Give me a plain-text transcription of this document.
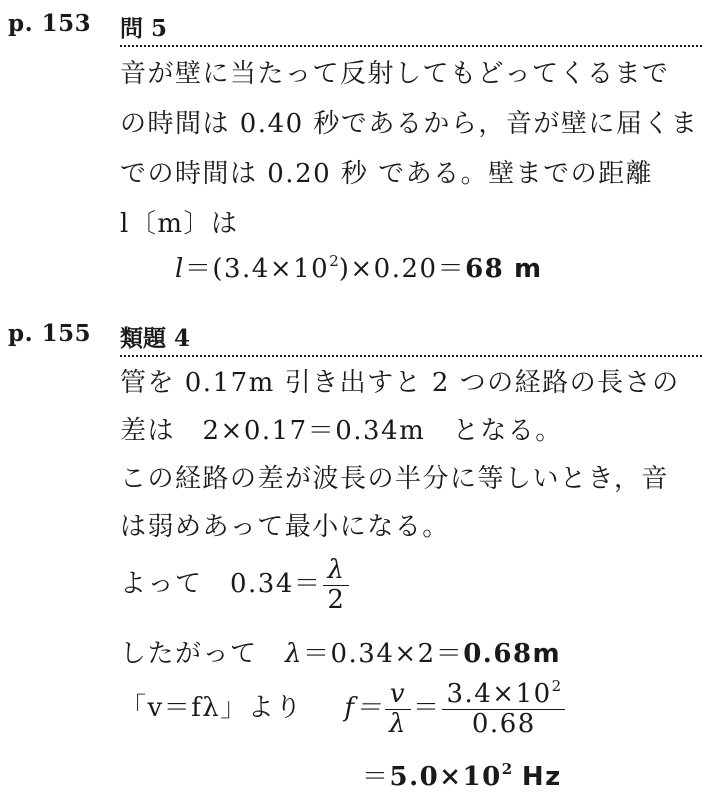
p. 153 問 5
音が壁に当たって反射してもどってくるまで
の時間は 0.40 秒であるから，音が壁に届くま
での時間は 0.20 秒 である。壁までの距離
l〔m〕は
$l=(3.4\times 10^2)\times 0.20=68$ m
p. 155 類題 4
管を 0.17m 引き出すと 2 つの経路の長さの
差は　2×0.17＝0.34m　となる。
この経路の差が波長の半分に等しいとき，音
は弱めあって最小になる。
よって　$0.34= \frac{\lambda}{2}$
したがって　λ＝0.34×2＝0.68m
「v＝fλ」より $f= \frac{v}{\lambda} = \frac{3.4\times 10^2}{0.68}$
$=5.0\times 10^2$ Hz
